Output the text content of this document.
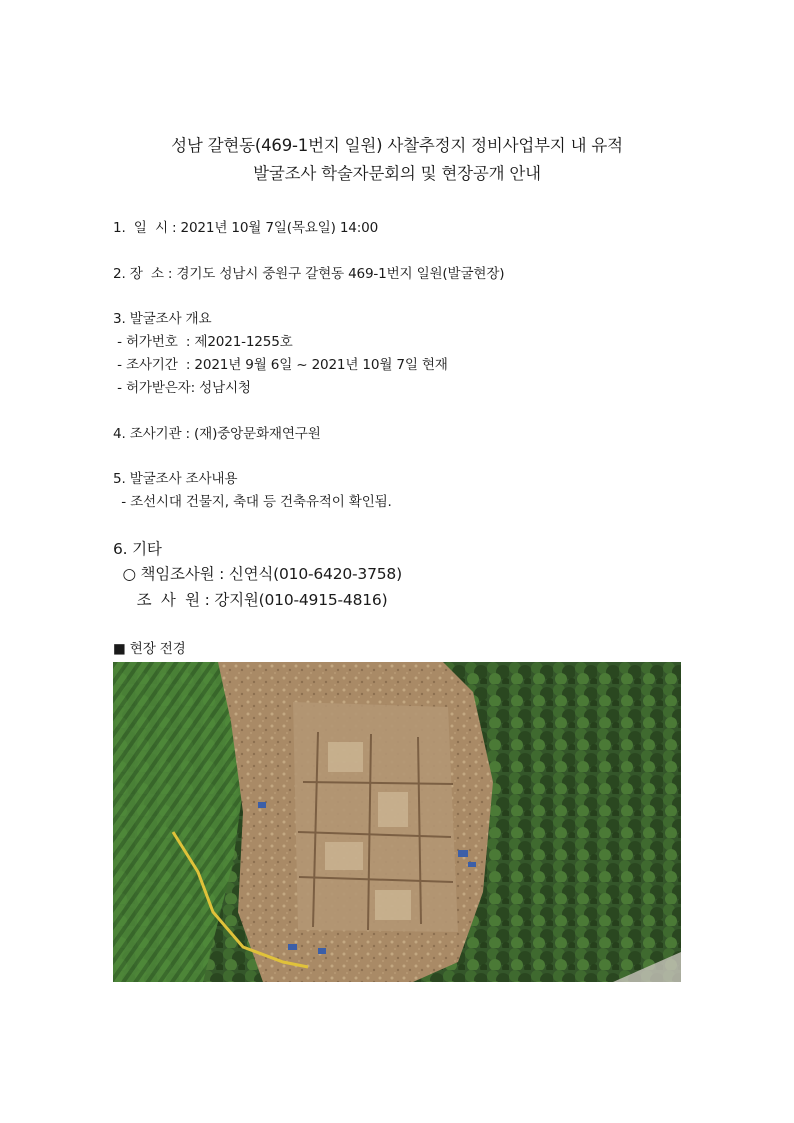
성남 갈현동(469-1번지 일원) 사찰추정지 정비사업부지 내 유적
발굴조사 학술자문회의 및 현장공개 안내
1.  일  시 : 2021년 10월 7일(목요일) 14:00
2. 장  소 : 경기도 성남시 중원구 갈현동 469-1번지 일원(발굴현장)
3. 발굴조사 개요
- 허가번호  : 제2021-1255호
- 조사기간  : 2021년 9월 6일 ~ 2021년 10월 7일 현재
- 허가받은자: 성남시청
4. 조사기관 : (재)중앙문화재연구원
5. 발굴조사 조사내용
- 조선시대 건물지, 축대 등 건축유적이 확인됨.
6. 기타
○ 책임조사원 : 신연식(010-6420-3758)
조  사  원 : 강지원(010-4915-4816)
■ 현장 전경
